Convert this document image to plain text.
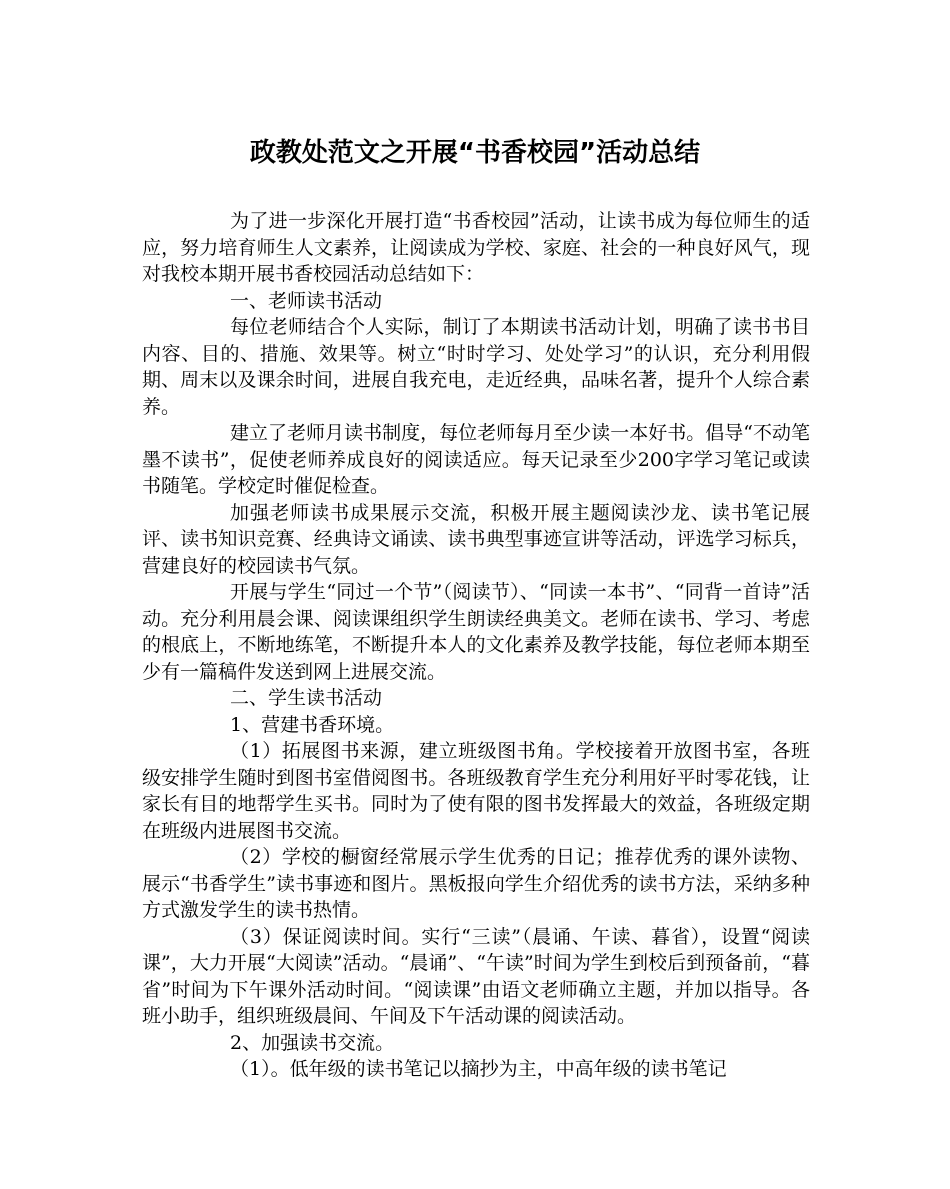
政教处范文之开展“书香校园”活动总结

为了进一步深化开展打造“书香校园”活动，让读书成为每位师生的适应，努力培育师生人文素养，让阅读成为学校、家庭、社会的一种良好风气，现对我校本期开展书香校园活动总结如下：

一、老师读书活动

每位老师结合个人实际，制订了本期读书活动计划，明确了读书书目内容、目的、措施、效果等。树立“时时学习、处处学习”的认识，充分利用假期、周末以及课余时间，进展自我充电，走近经典，品味名著，提升个人综合素养。

建立了老师月读书制度，每位老师每月至少读一本好书。倡导“不动笔墨不读书”，促使老师养成良好的阅读适应。每天记录至少200字学习笔记或读书随笔。学校定时催促检查。

加强老师读书成果展示交流，积极开展主题阅读沙龙、读书笔记展评、读书知识竞赛、经典诗文诵读、读书典型事迹宣讲等活动，评选学习标兵，营建良好的校园读书气氛。

开展与学生“同过一个节”（阅读节）、“同读一本书”、“同背一首诗”活动。充分利用晨会课、阅读课组织学生朗读经典美文。老师在读书、学习、考虑的根底上，不断地练笔，不断提升本人的文化素养及教学技能，每位老师本期至少有一篇稿件发送到网上进展交流。

二、学生读书活动

1、营建书香环境。

（1）拓展图书来源，建立班级图书角。学校接着开放图书室，各班级安排学生随时到图书室借阅图书。各班级教育学生充分利用好平时零花钱，让家长有目的地帮学生买书。同时为了使有限的图书发挥最大的效益，各班级定期在班级内进展图书交流。

（2）学校的橱窗经常展示学生优秀的日记；推荐优秀的课外读物、展示“书香学生”读书事迹和图片。黑板报向学生介绍优秀的读书方法，采纳多种方式激发学生的读书热情。

（3）保证阅读时间。实行“三读”（晨诵、午读、暮省），设置“阅读课”，大力开展“大阅读”活动。“晨诵”、“午读”时间为学生到校后到预备前，“暮省”时间为下午课外活动时间。“阅读课”由语文老师确立主题，并加以指导。各班小助手，组织班级晨间、午间及下午活动课的阅读活动。

2、加强读书交流。

（1）。低年级的读书笔记以摘抄为主，中高年级的读书笔记
